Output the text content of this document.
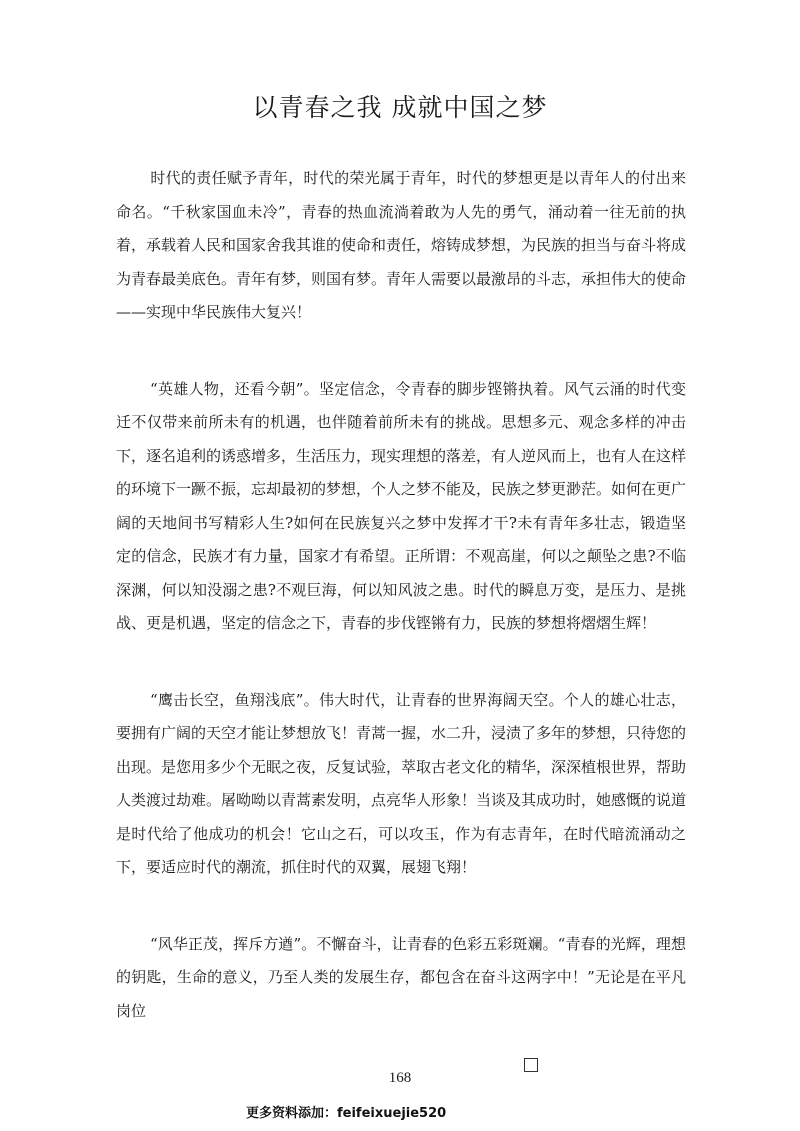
以青春之我 成就中国之梦

时代的责任赋予青年，时代的荣光属于青年，时代的梦想更是以青年人的付出来命名。“千秋家国血未冷”，青春的热血流淌着敢为人先的勇气，涌动着一往无前的执着，承载着人民和国家舍我其谁的使命和责任，熔铸成梦想，为民族的担当与奋斗将成为青春最美底色。青年有梦，则国有梦。青年人需要以最激昂的斗志，承担伟大的使命——实现中华民族伟大复兴！

“英雄人物，还看今朝”。坚定信念，令青春的脚步铿锵执着。风气云涌的时代变迁不仅带来前所未有的机遇，也伴随着前所未有的挑战。思想多元、观念多样的冲击下，逐名追利的诱惑增多，生活压力，现实理想的落差，有人逆风而上，也有人在这样的环境下一蹶不振，忘却最初的梦想，个人之梦不能及，民族之梦更渺茫。如何在更广阔的天地间书写精彩人生?如何在民族复兴之梦中发挥才干?未有青年多壮志，锻造坚定的信念，民族才有力量，国家才有希望。正所谓：不观高崖，何以之颠坠之患?不临深渊，何以知没溺之患?不观巨海，何以知风波之患。时代的瞬息万变，是压力、是挑战、更是机遇，坚定的信念之下，青春的步伐铿锵有力，民族的梦想将熠熠生辉！

“鹰击长空，鱼翔浅底”。伟大时代，让青春的世界海阔天空。个人的雄心壮志，要拥有广阔的天空才能让梦想放飞！青蒿一握，水二升，浸渍了多年的梦想，只待您的出现。是您用多少个无眠之夜，反复试验，萃取古老文化的精华，深深植根世界，帮助人类渡过劫难。屠呦呦以青蒿素发明，点亮华人形象！当谈及其成功时，她感慨的说道是时代给了他成功的机会！它山之石，可以攻玉，作为有志青年，在时代暗流涌动之下，要适应时代的潮流，抓住时代的双翼，展翅飞翔！

“风华正茂，挥斥方遒”。不懈奋斗，让青春的色彩五彩斑斓。“青春的光辉，理想的钥匙，生命的意义，乃至人类的发展生存，都包含在奋斗这两字中！”无论是在平凡岗位

168
更多资料添加：feifeixuejie520
